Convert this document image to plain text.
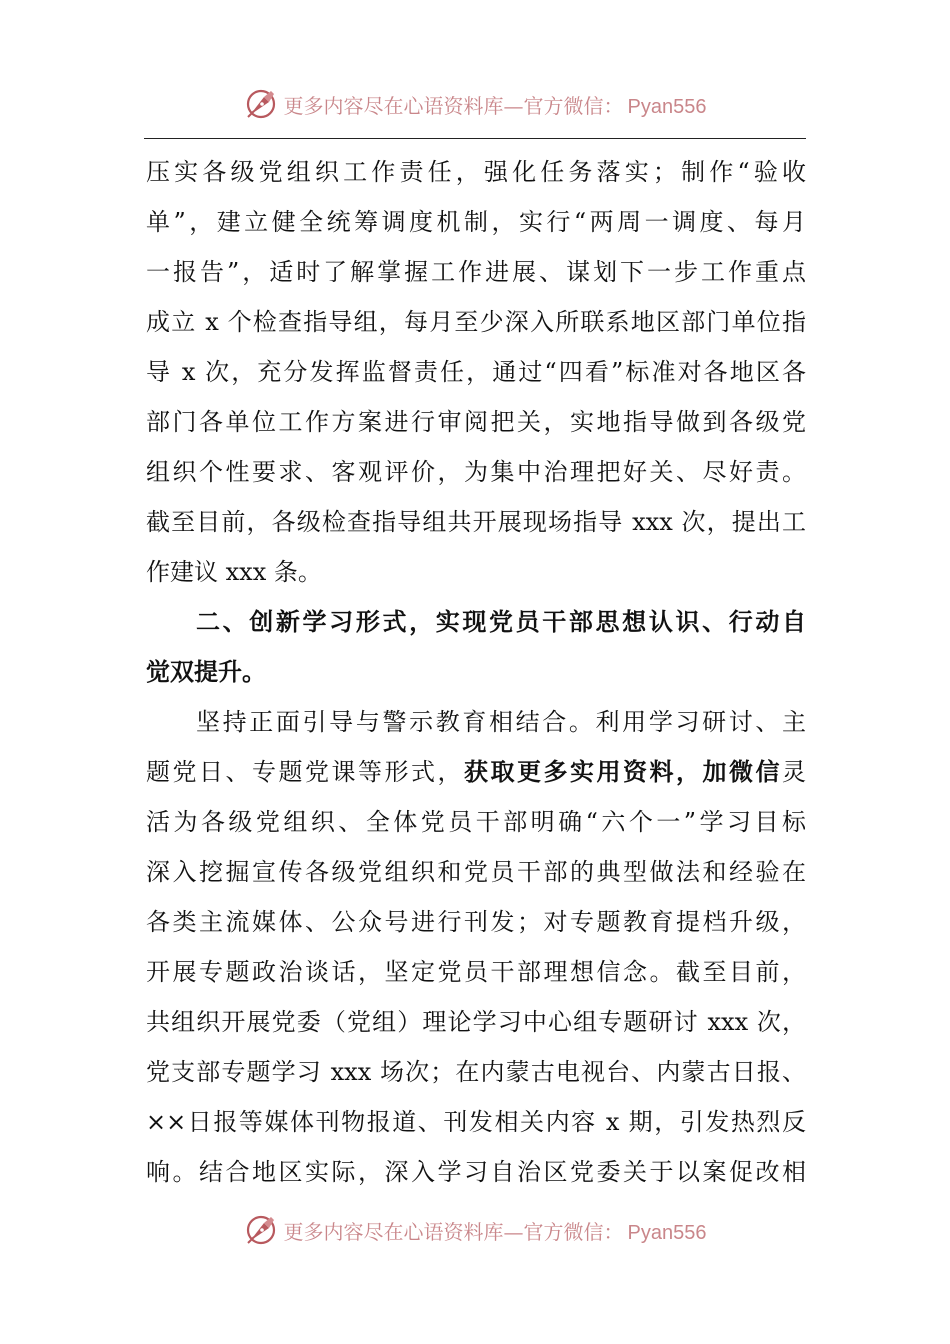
更多内容尽在心语资料库—官方微信： Pyan556
压实各级党组织工作责任，强化任务落实；制作“验收
单”，建立健全统筹调度机制，实行“两周一调度、每月
一报告”，适时了解掌握工作进展、谋划下一步工作重点
成立 x 个检查指导组，每月至少深入所联系地区部门单位指
导 x 次，充分发挥监督责任，通过“四看”标准对各地区各
部门各单位工作方案进行审阅把关，实地指导做到各级党
组织个性要求、客观评价，为集中治理把好关、尽好责。
截至目前，各级检查指导组共开展现场指导 xxx 次，提出工
作建议 xxx 条。
二、创新学习形式，实现党员干部思想认识、行动自
觉双提升。
坚持正面引导与警示教育相结合。利用学习研讨、主
题党日、专题党课等形式，获取更多实用资料，加微信灵
活为各级党组织、全体党员干部明确“六个一”学习目标
深入挖掘宣传各级党组织和党员干部的典型做法和经验在
各类主流媒体、公众号进行刊发；对专题教育提档升级，
开展专题政治谈话，坚定党员干部理想信念。截至目前，
共组织开展党委（党组）理论学习中心组专题研讨 xxx 次，
党支部专题学习 xxx 场次；在内蒙古电视台、内蒙古日报、
××日报等媒体刊物报道、刊发相关内容 x 期，引发热烈反
响。结合地区实际，深入学习自治区党委关于以案促改相
更多内容尽在心语资料库—官方微信： Pyan556
